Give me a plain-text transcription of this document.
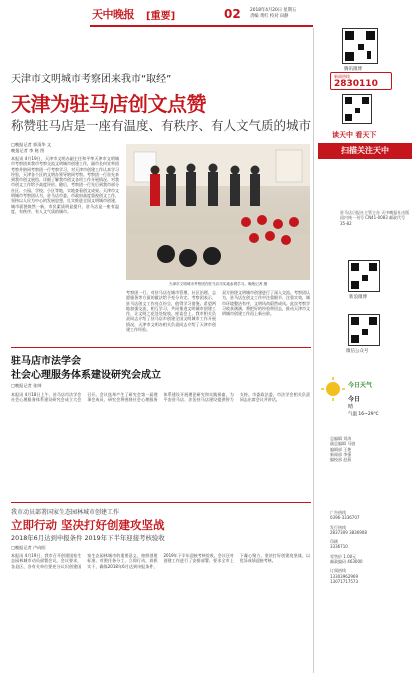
天中晚报 [重要]	02 2018年4月20日 星期五
责编 黄红 校对 田静
天津市文明城市考察团来我市“取经”
天津为驻马店创文点赞
称赞驻马店是一座有温度、有秩序、有人文气质的城市
□晚报记者 郭清华 文
晚报记者 李 秘 图
本报讯 4月19日，天津市文明办副主任和平率天津市文明城市考察团来我市考察交流文明城市创建工作，副市长何宣率团考察并陪同考察团一行考察学习，对天津市创建工作认真学习经验，天津各个区的文明办领导陪同考察。考察团一行首先来到我市创文展馆，详细了解我市创文各项工作开展情况，对我市创文工作给予高度评价。随后，考察团一行先后到我市部分社区、公园、学校、小区等地，实地查看创文成果。天津市文明城市考察团认为，驻马店市委、市政府高度重视创文工作，坚持以人民为中心的发展思想，扎实推进全国文明城市创建，城市面貌焕然一新，市民素质明显提升，驻马店是一座有温度、有秩序、有人文气质的城市。
天津市文明城市考察团在驻马店市实地参观学习。晚报记者 摄
考察团一行，对驻马店在城市管理、社区治理、志愿服务等方面的做法给予充分肯定。考察团表示，驻马店创文工作亮点纷呈，值得学习借鉴。希望两地加强交流，相互学习，共同推进文明城市创建工作，让文明之花处处绽放。座谈会上，我市相关负责同志介绍了驻马店市创建全国文明城市工作开展情况，天津市文明办相关负责同志介绍了天津市创建工作经验。
双方围绕文明城市创建进行了深入交流。考察团认为，驻马店在创文工作中注重细节、注重实效，城市环境整洁有序，文明风尚蔚然成风。此次考察学习收获满满，将把好的经验带回去，推动天津市文明城市创建工作再上新台阶。
驻马店市法学会
社会心理服务体系建设研究会成立
□晚报记者 张帅
本报讯 4月18日上午，驻马店市法学会社会心理服务体系建设研究会成立大会召开。会议选举产生了研究会第一届理事会成员，研究会将围绕社会心理服务体系建设开展理论研究和实践探索，为平安驻马店、法治驻马店建设提供智力支持。市委政法委、市法学会相关负责同志出席会议并讲话。
我市动员部署国家生态园林城市创建工作
立即行动 坚决打好创建攻坚战
2018年6月达到申报条件 2019年下半年迎接考核验收
□晚报记者 卢向阳
本报讯 4月19日，我市召开创建国家生态园林城市动员部署会议。会议要求，各县区、各有关单位要充分认识创建国家生态园林城市的重要意义，按照创建标准，对照任务分工，立即行动，真抓实干，确保2018年6月达到申报条件，2019年下半年迎接考核验收。会议还对创建工作进行了安排部署，要求全市上下凝心聚力，坚决打好创建攻坚战，以优异成绩迎接考核。
腾讯微博
新闻热线
2830110
读天中 看天下
扫描关注天中
驻马店日报社主管主办 天中晚报社出版 国内统一刊号 CN41-0083 邮政代号35-82
新浪微博
微信公众号
今日天气
今日
晴
气温 16~29℃
总编辑 刘涛
副总编辑 马骁
编辑部 王艳
新闻部 李强
编校部 赵燕
广告热线
0396-3336707
发行热线
2837309 3836908
印刷
3336710
零售价 1.00元
邮政编码 463000
订阅热线
13303962969
13071717573
